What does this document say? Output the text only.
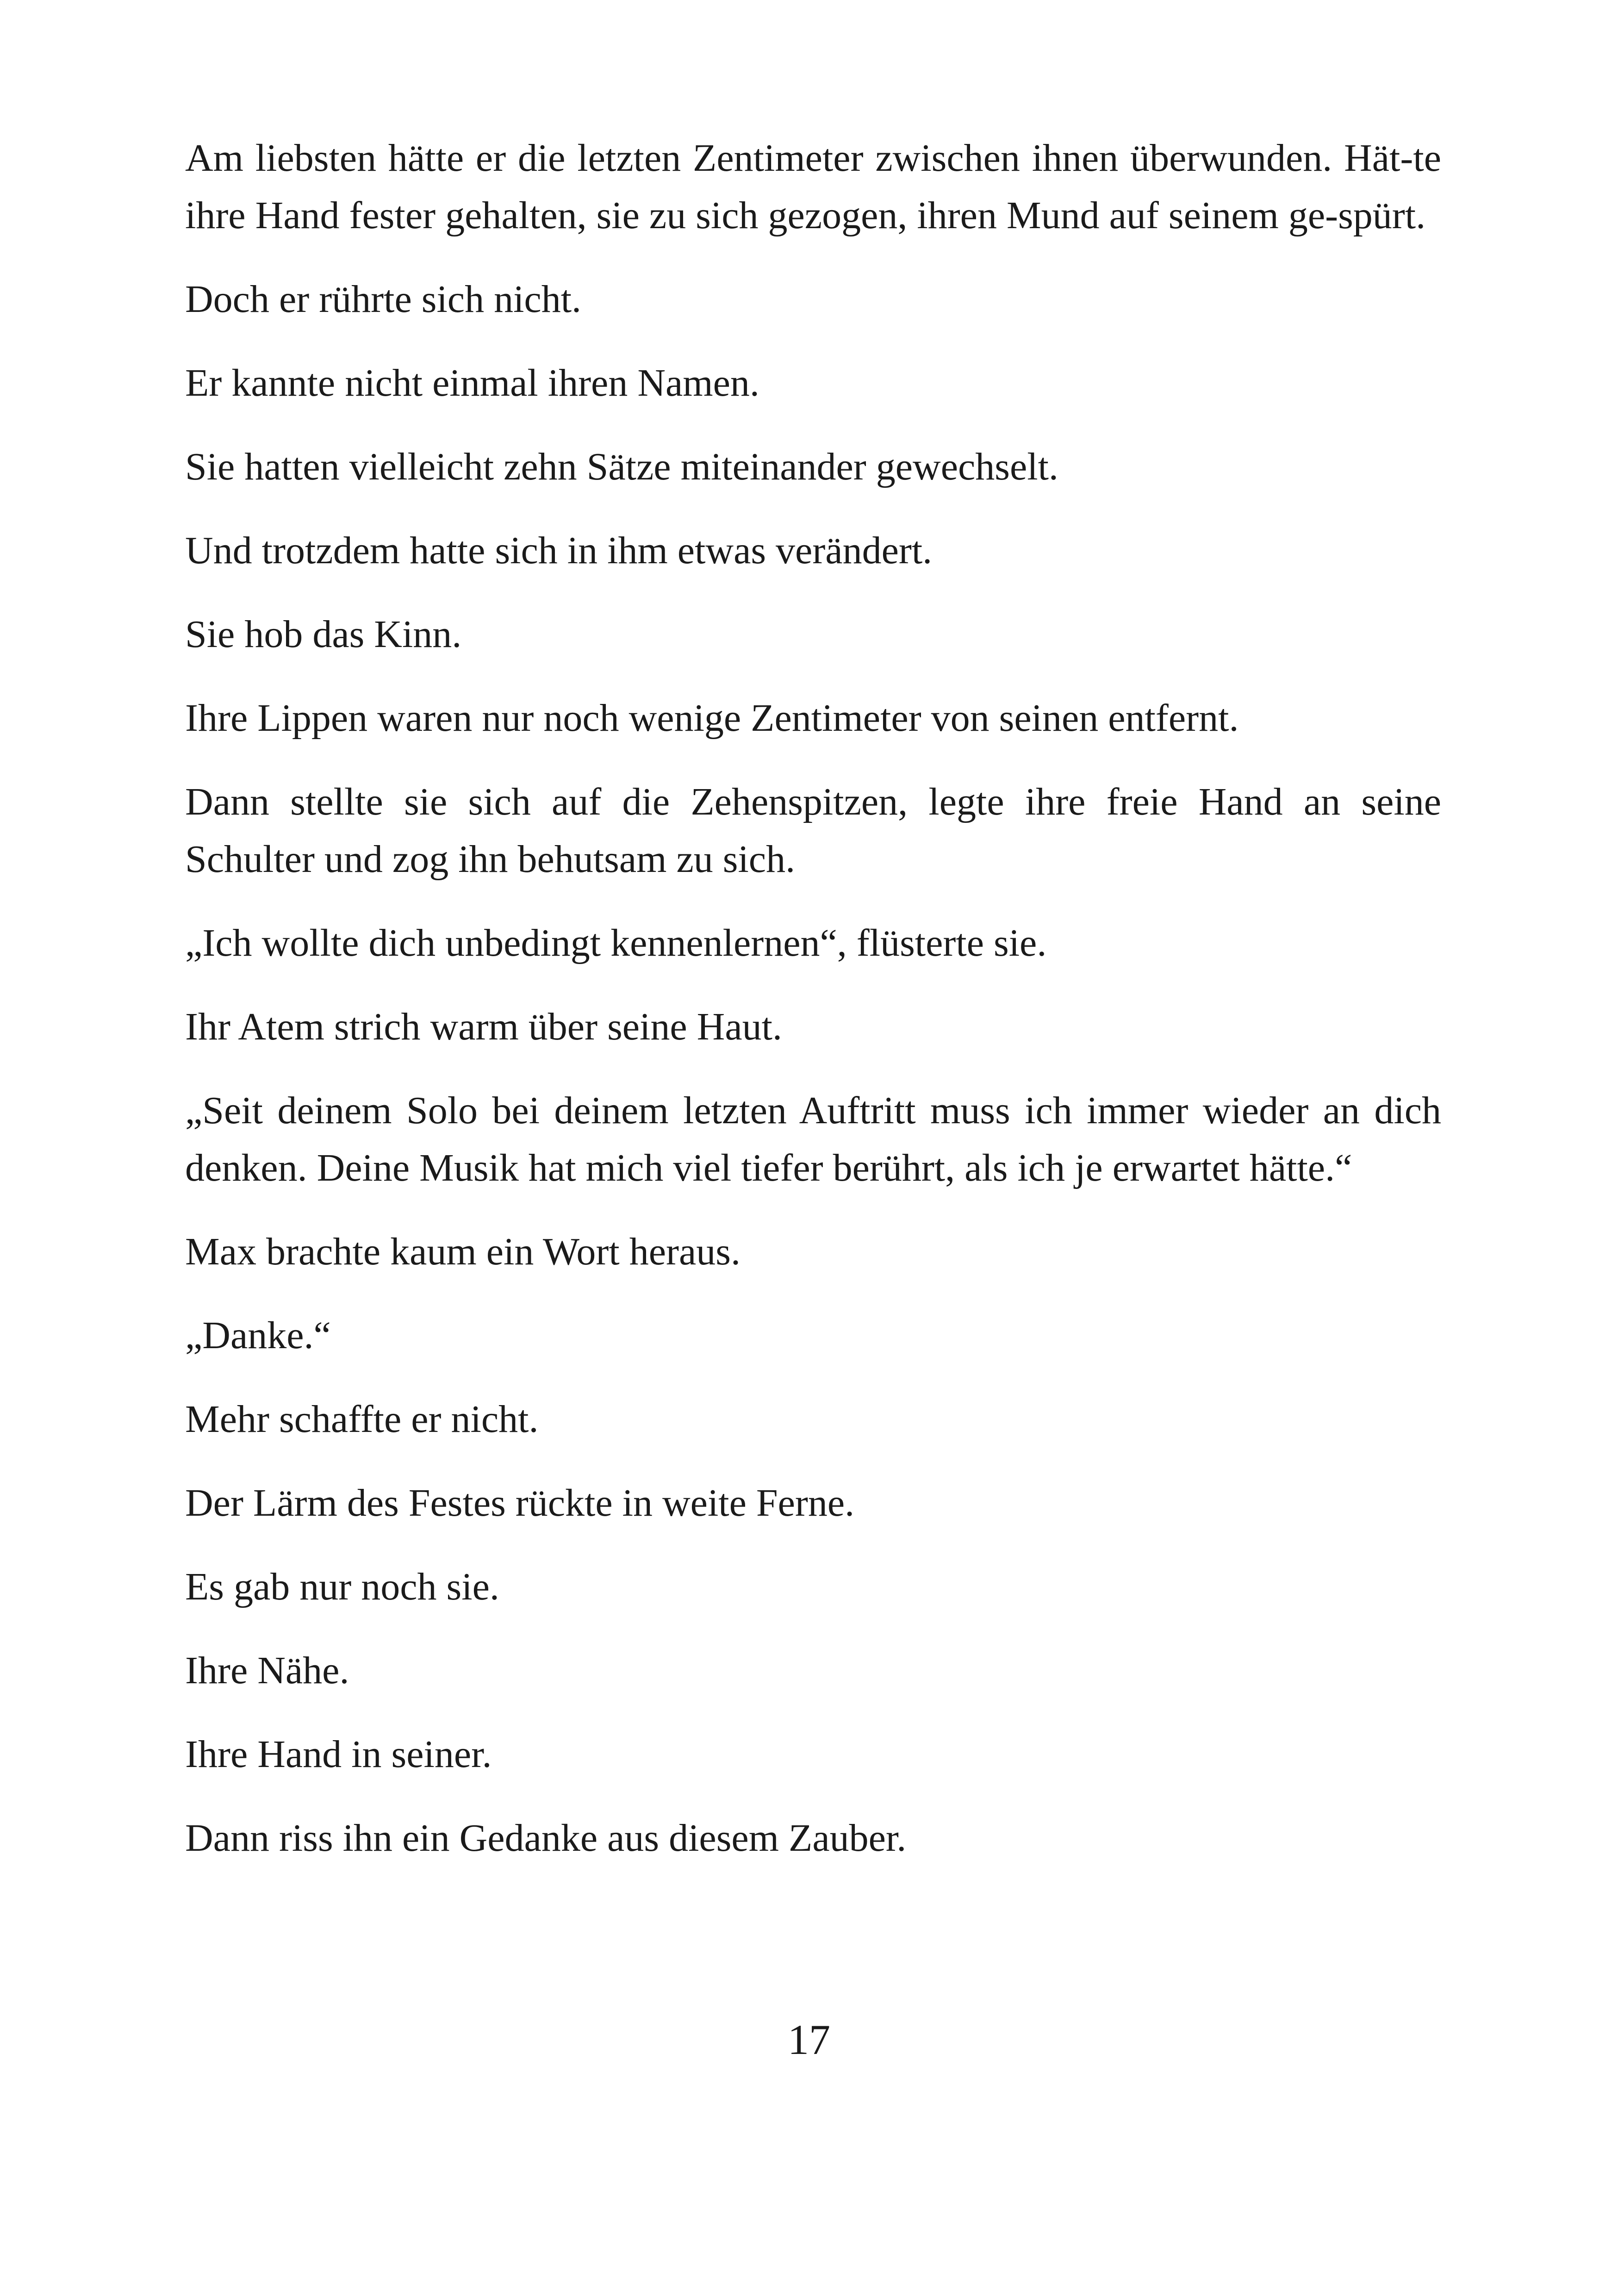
Am liebsten hätte er die letzten Zentimeter zwischen ihnen überwunden. Hät-te ihre Hand fester gehalten, sie zu sich gezogen, ihren Mund auf seinem ge-spürt.

Doch er rührte sich nicht.

Er kannte nicht einmal ihren Namen.

Sie hatten vielleicht zehn Sätze miteinander gewechselt.

Und trotzdem hatte sich in ihm etwas verändert.

Sie hob das Kinn.

Ihre Lippen waren nur noch wenige Zentimeter von seinen entfernt.

Dann stellte sie sich auf die Zehenspitzen, legte ihre freie Hand an seine Schulter und zog ihn behutsam zu sich.

„Ich wollte dich unbedingt kennenlernen“, flüsterte sie.

Ihr Atem strich warm über seine Haut.

„Seit deinem Solo bei deinem letzten Auftritt muss ich immer wieder an dich denken. Deine Musik hat mich viel tiefer berührt, als ich je erwartet hätte.“

Max brachte kaum ein Wort heraus.

„Danke.“

Mehr schaffte er nicht.

Der Lärm des Festes rückte in weite Ferne.

Es gab nur noch sie.

Ihre Nähe.

Ihre Hand in seiner.

Dann riss ihn ein Gedanke aus diesem Zauber.

17
